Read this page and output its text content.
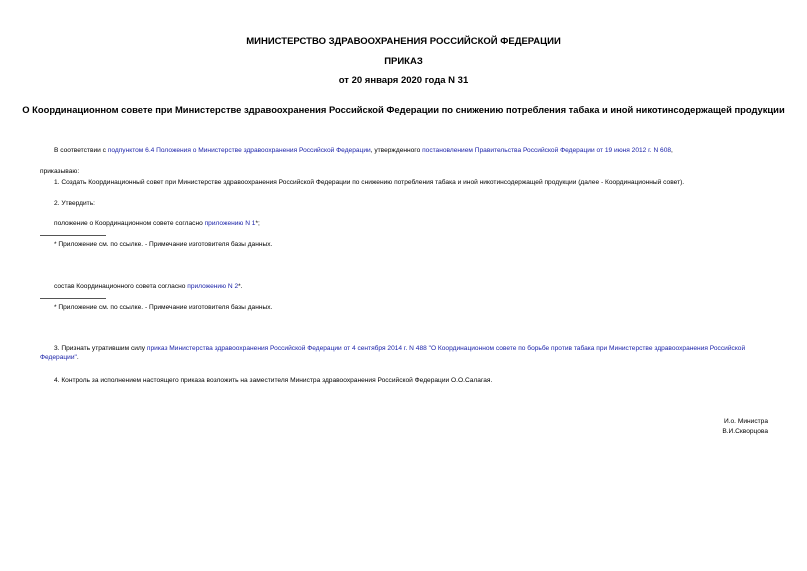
МИНИСТЕРСТВО ЗДРАВООХРАНЕНИЯ РОССИЙСКОЙ ФЕДЕРАЦИИ
ПРИКАЗ
от 20 января 2020 года N 31
О Координационном совете при Министерстве здравоохранения Российской Федерации по снижению потребления табака и иной никотинсодержащей продукции
В соответствии с подпунктом 6.4 Положения о Министерстве здравоохранения Российской Федерации, утвержденного постановлением Правительства Российской Федерации от 19 июня 2012 г. N 608,
приказываю:
1. Создать Координационный совет при Министерстве здравоохранения Российской Федерации по снижению потребления табака и иной никотинсодержащей продукции (далее - Координационный совет).
2. Утвердить:
положение о Координационном совете согласно приложению N 1*;
* Приложение см. по ссылке. - Примечание изготовителя базы данных.
состав Координационного совета согласно приложению N 2*.
* Приложение см. по ссылке. - Примечание изготовителя базы данных.
3. Признать утратившим силу приказ Министерства здравоохранения Российской Федерации от 4 сентября 2014 г. N 488 "О Координационном совете по борьбе против табака при Министерстве здравоохранения Российской Федерации".
4. Контроль за исполнением настоящего приказа возложить на заместителя Министра здравоохранения Российской Федерации О.О.Салагая.
И.о. Министра
В.И.Скворцова
